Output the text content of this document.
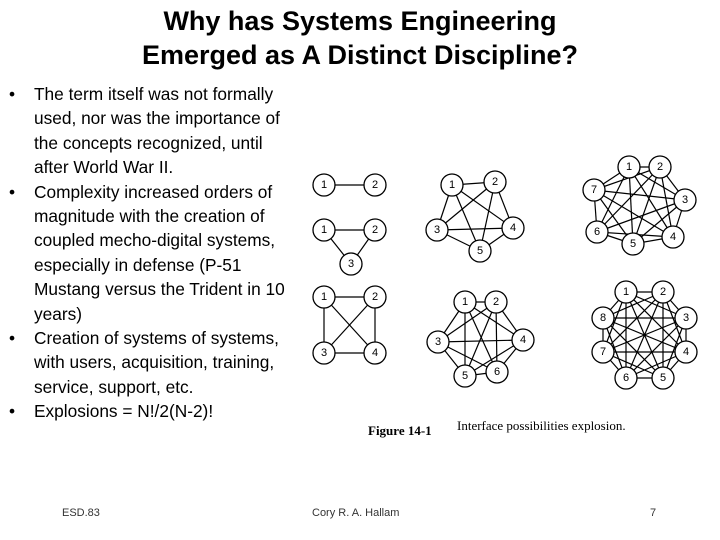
Why has Systems Engineering
Emerged as A Distinct Discipline?
• The term itself was not formally used, nor was the importance of the concepts recognized, until after World War II.
• Complexity increased orders of magnitude with the creation of coupled mecho-digital systems, especially in defense (P-51 Mustang versus the Trident in 10 years)
• Creation of systems of systems, with users, acquisition, training, service, support, etc.
• Explosions = N!/2(N-2)!
1	2
1	2
3
1	2
3	4
1	2
3	4
5
1 2
3	4
5 6
1 2
3
4
5
6
7
1	2
3
4
5
6
7
8
Figure 14-1 Interface possibilities explosion.
ESD.83	Cory R. A. Hallam	7
